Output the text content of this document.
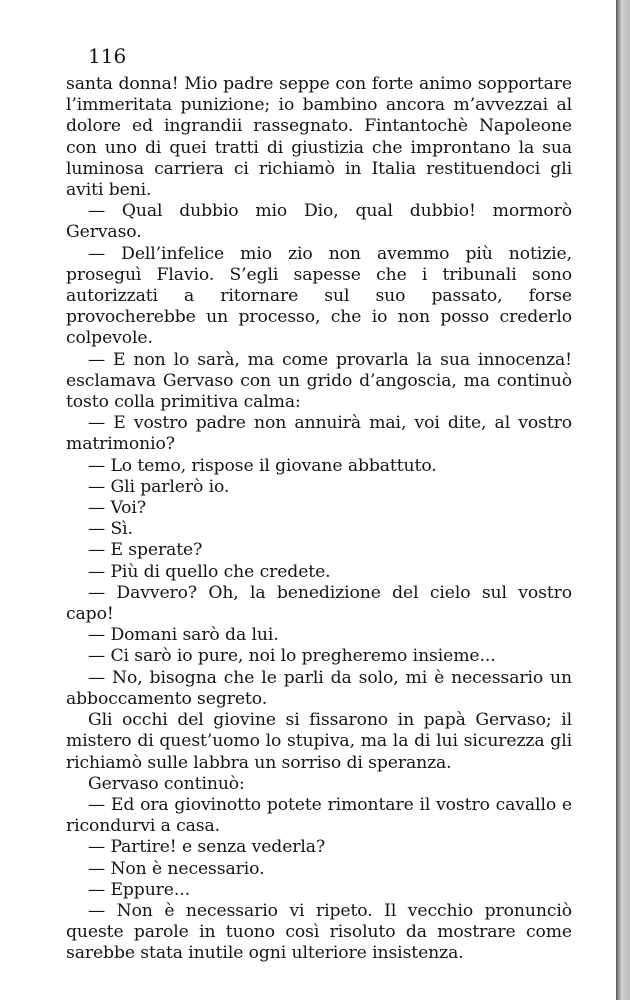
116

santa donna! Mio padre seppe con forte animo sopportare l’immeritata punizione; io bambino ancora m’avvezzai al dolore ed ingrandii rassegnato. Fintantochè Napoleone con uno di quei tratti di giustizia che improntano la sua luminosa carriera ci richiamò in Italia restituendoci gli aviti beni.

— Qual dubbio mio Dio, qual dubbio! mormorò Gervaso.

— Dell’infelice mio zio non avemmo più notizie, proseguì Flavio. S’egli sapesse che i tribunali sono autorizzati a ritornare sul suo passato, forse provocherebbe un processo, che io non posso crederlo colpevole.

— E non lo sarà, ma come provarla la sua innocenza! esclamava Gervaso con un grido d’angoscia, ma continuò tosto colla primitiva calma:

— E vostro padre non annuirà mai, voi dite, al vostro matrimonio?

— Lo temo, rispose il giovane abbattuto.

— Gli parlerò io.

— Voi?

— Sì.

— E sperate?

— Più di quello che credete.

— Davvero? Oh, la benedizione del cielo sul vostro capo!

— Domani sarò da lui.

— Ci sarò io pure, noi lo pregheremo insieme...

— No, bisogna che le parli da solo, mi è necessario un abboccamento segreto.

Gli occhi del giovine si fissarono in papà Gervaso; il mistero di quest’uomo lo stupiva, ma la di lui sicurezza gli richiamò sulle labbra un sorriso di speranza.

Gervaso continuò:

— Ed ora giovinotto potete rimontare il vostro cavallo e ricondurvi a casa.

— Partire! e senza vederla?

— Non è necessario.

— Eppure...

— Non è necessario vi ripeto. Il vecchio pronunciò queste parole in tuono così risoluto da mostrare come sarebbe stata inutile ogni ulteriore insistenza.
